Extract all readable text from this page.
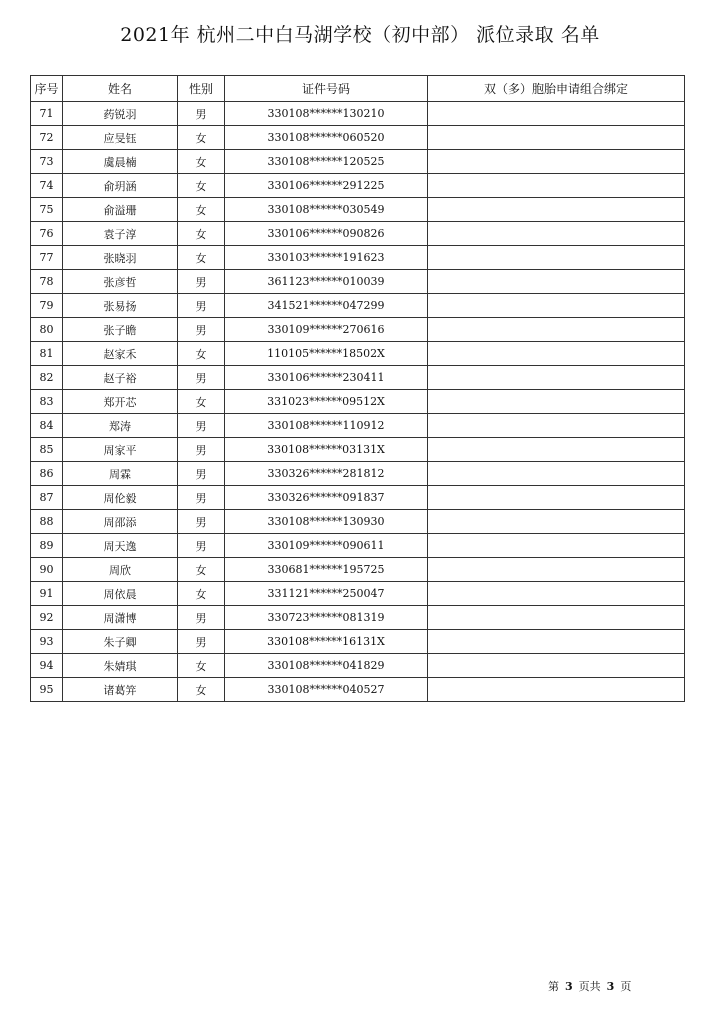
2021年 杭州二中白马湖学校（初中部） 派位录取 名单
序号	姓名	性别	证件号码	双（多）胞胎申请组合绑定
71	药锐羽	男	330108******130210	
72	应旻钰	女	330108******060520	
73	虞晨楠	女	330108******120525	
74	俞玥涵	女	330106******291225	
75	俞溢珊	女	330108******030549	
76	袁子淳	女	330106******090826	
77	张晓羽	女	330103******191623	
78	张彦哲	男	361123******010039	
79	张易扬	男	341521******047299	
80	张子瞻	男	330109******270616	
81	赵家禾	女	110105******18502X	
82	赵子裕	男	330106******230411	
83	郑开芯	女	331023******09512X	
84	郑涛	男	330108******110912	
85	周家平	男	330108******03131X	
86	周霖	男	330326******281812	
87	周伦毅	男	330326******091837	
88	周邵添	男	330108******130930	
89	周天逸	男	330109******090611	
90	周欣	女	330681******195725	
91	周依晨	女	331121******250047	
92	周潇博	男	330723******081319	
93	朱子卿	男	330108******16131X	
94	朱婧琪	女	330108******041829	
95	诸葛笄	女	330108******040527	
第 3 页共 3 页
